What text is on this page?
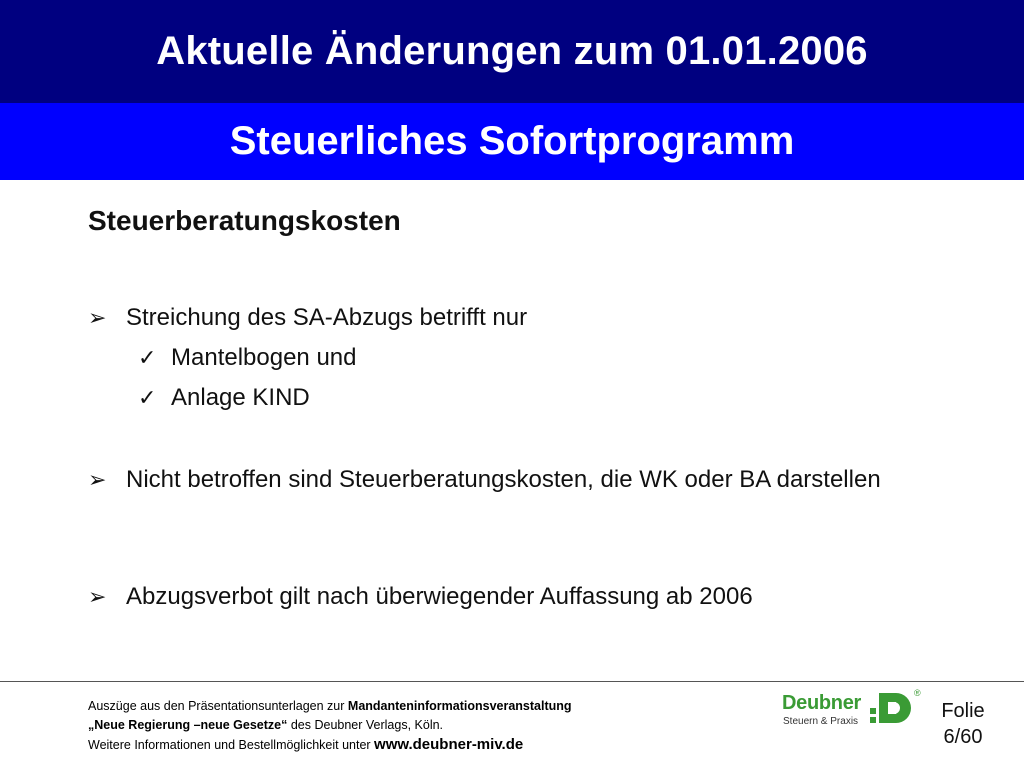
Aktuelle Änderungen zum 01.01.2006
Steuerliches Sofortprogramm
Steuerberatungskosten
➢ Streichung des SA-Abzugs betrifft nur
✓ Mantelbogen und
✓ Anlage KIND
➢ Nicht betroffen sind Steuerberatungskosten, die WK oder BA darstellen
➢ Abzugsverbot gilt nach überwiegender Auffassung ab 2006
Auszüge aus den Präsentationsunterlagen zur Mandanteninformationsveranstaltung
„Neue Regierung –neue Gesetze“ des Deubner Verlags, Köln.
Weitere Informationen und Bestellmöglichkeit unter www.deubner-miv.de
Deubner
Steuern & Praxis
®
Folie
6/60
